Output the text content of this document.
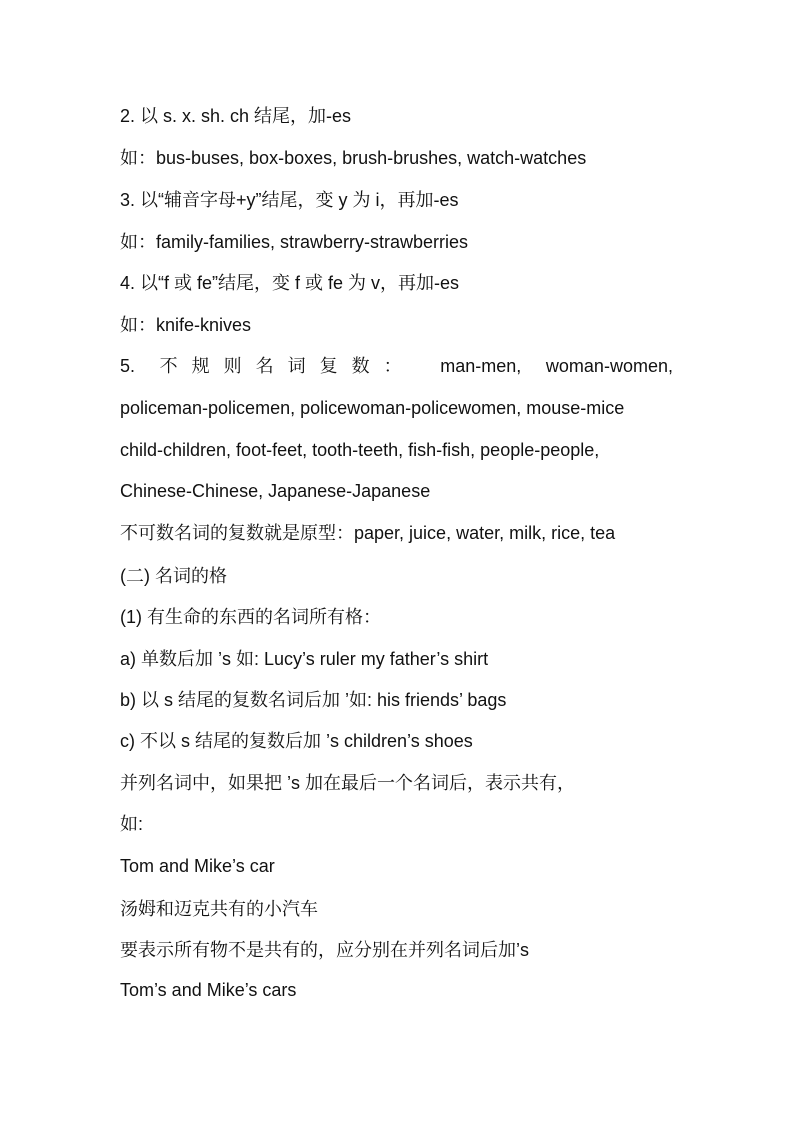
2. 以 s. x. sh. ch 结尾，加-es
如：bus-buses, box-boxes, brush-brushes, watch-watches
3. 以“辅音字母+y”结尾，变 y 为 i，再加-es
如：family-families, strawberry-strawberries
4. 以“f 或 fe”结尾，变 f 或 fe 为 v，再加-es
如：knife-knives
5. 不规则名词复数： man-men, woman-women,
policeman-policemen, policewoman-policewomen, mouse-mice
child-children, foot-feet, tooth-teeth, fish-fish, people-people,
Chinese-Chinese, Japanese-Japanese
不可数名词的复数就是原型：paper, juice, water, milk, rice, tea
(二) 名词的格
(1) 有生命的东西的名词所有格：
a) 单数后加 ’s 如: Lucy’s ruler my father’s shirt
b) 以 s 结尾的复数名词后加 ’如: his friends’ bags
c) 不以 s 结尾的复数后加 ’s children’s shoes
并列名词中，如果把 ’s 加在最后一个名词后，表示共有，
如:
Tom and Mike’s car
汤姆和迈克共有的小汽车
要表示所有物不是共有的，应分别在并列名词后加’s
Tom’s and Mike’s cars
